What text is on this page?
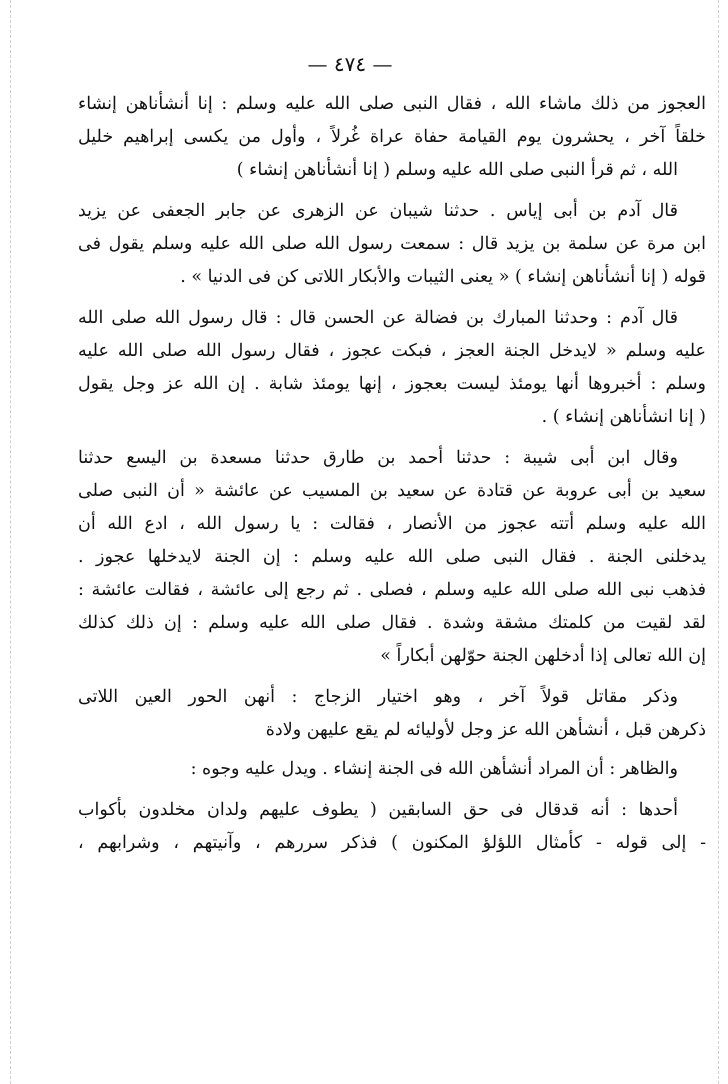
— ٤٧٤ —
العجوز من ذلك ماشاء الله ، فقال النبى صلى الله عليه وسلم : إنا أنشأناهن إنشاء
خلقاً آخر ، يحشرون يوم القيامة حفاة عراة غُرلاً ، وأول من يكسى إبراهيم خليل
الله ، ثم قرأ النبى صلى الله عليه وسلم ( إنا أنشأناهن إنشاء )
قال آدم بن أبى إياس . حدثنا شيبان عن الزهرى عن جابر الجعفى عن يزيد
ابن مرة عن سلمة بن يزيد قال : سمعت رسول الله صلى الله عليه وسلم يقول فى
قوله ( إنا أنشأناهن إنشاء ) « يعنى الثيبات والأبكار اللاتى كن فى الدنيا » .
قال آدم : وحدثنا المبارك بن فضالة عن الحسن قال : قال رسول الله صلى الله
عليه وسلم « لايدخل الجنة العجز ، فبكت عجوز ، فقال رسول الله صلى الله عليه
وسلم : أخبروها أنها يومئذ ليست بعجوز ، إنها يومئذ شابة . إن الله عز وجل يقول
( إنا انشأناهن إنشاء ) .
وقال ابن أبى شيبة : حدثنا أحمد بن طارق حدثنا مسعدة بن اليسع حدثنا
سعيد بن أبى عروبة عن قتادة عن سعيد بن المسيب عن عائشة « أن النبى صلى
الله عليه وسلم أتته عجوز من الأنصار ، فقالت : يا رسول الله ، ادع الله أن
يدخلنى الجنة . فقال النبى صلى الله عليه وسلم : إن الجنة لايدخلها عجوز .
فذهب نبى الله صلى الله عليه وسلم ، فصلى . ثم رجع إلى عائشة ، فقالت عائشة :
لقد لقيت من كلمتك مشقة وشدة . فقال صلى الله عليه وسلم : إن ذلك كذلك
إن الله تعالى إذا أدخلهن الجنة حوّلهن أبكاراً »
وذكر مقاتل قولاً آخر ، وهو اختيار الزجاج : أنهن الحور العين اللاتى
ذكرهن قبل ، أنشأهن الله عز وجل لأوليائه لم يقع عليهن ولادة
والظاهر : أن المراد أنشأهن الله فى الجنة إنشاء . ويدل عليه وجوه :
أحدها : أنه قدقال فى حق السابقين ( يطوف عليهم ولدان مخلدون بأكواب
- إلى قوله - كأمثال اللؤلؤ المكنون ) فذكر سررهم ، وآنيتهم ، وشرابهم ،
